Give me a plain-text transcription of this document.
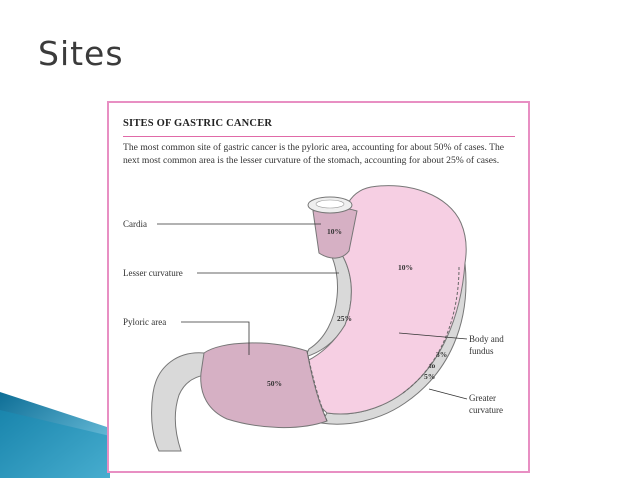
Sites
SITES OF GASTRIC CANCER
The most common site of gastric cancer is the pyloric area, accounting for about 50% of cases. The next most common area is the lesser curvature of the stomach, accounting for about 25% of cases.
Cardia
Lesser curvature
Pyloric area
Body and
fundus
Greater
curvature
10%
10%
25%
50%
3%
to
5%
